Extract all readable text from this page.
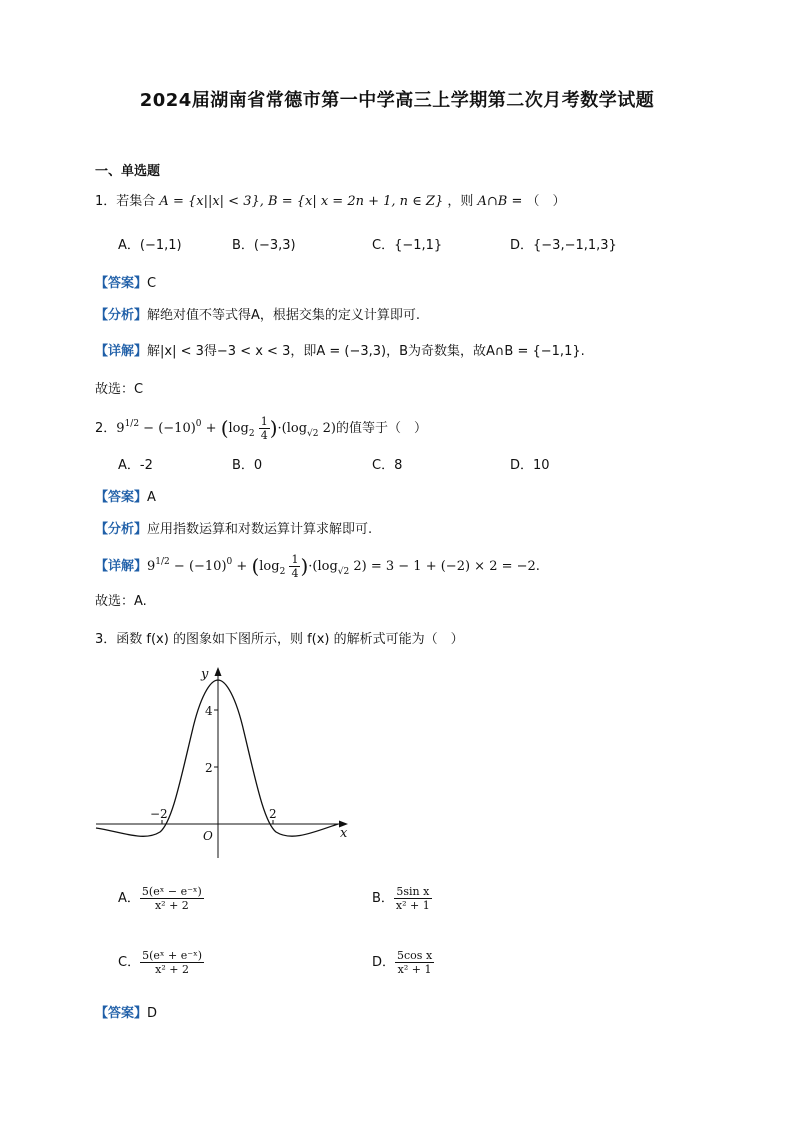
2024届湖南省常德市第一中学高三上学期第二次月考数学试题
一、单选题
1．若集合 A = {x||x| < 3}, B = {x| x = 2n + 1, n ∈ Z} ，则 A∩B = （　）
A．(−1,1)	B．(−3,3)	C．{−1,1}	D．{−3,−1,1,3}
【答案】C
【分析】解绝对值不等式得A，根据交集的定义计算即可.
【详解】解|x| < 3得−3 < x < 3，即A = (−3,3)，B为奇数集，故A∩B = {−1,1}.
故选：C
2．$9^{1/2} - (-10)^0 + (\log_2 \frac{1}{4} )\cdot(\log_{√2}$ 2)的值等于（　）
A．-2	B．0	C．8	D．10
【答案】A
【分析】应用指数运算和对数运算计算求解即可.
【详解】$9^{1/2} - (-10)^0 + (\log_2 \frac{1}{4} )\cdot(\log_{√2}$ 2) = 3 − 1 + (−2) × 2 = −2.
故选：A.
3．函数 f(x) 的图象如下图所示，则 f(x) 的解析式可能为（　）
y
x
O
4
2
−2	2
A． $\frac{\text{5(eˣ − e⁻ˣ)}}{\text{x² + 2}}$	B． $\frac{\text{5sin x}}{\text{x² + 1}}$
C． $\frac{\text{5(eˣ + e⁻ˣ)}}{\text{x² + 2}}$	D． $\frac{\text{5cos x}}{\text{x² + 1}}$
【答案】D
